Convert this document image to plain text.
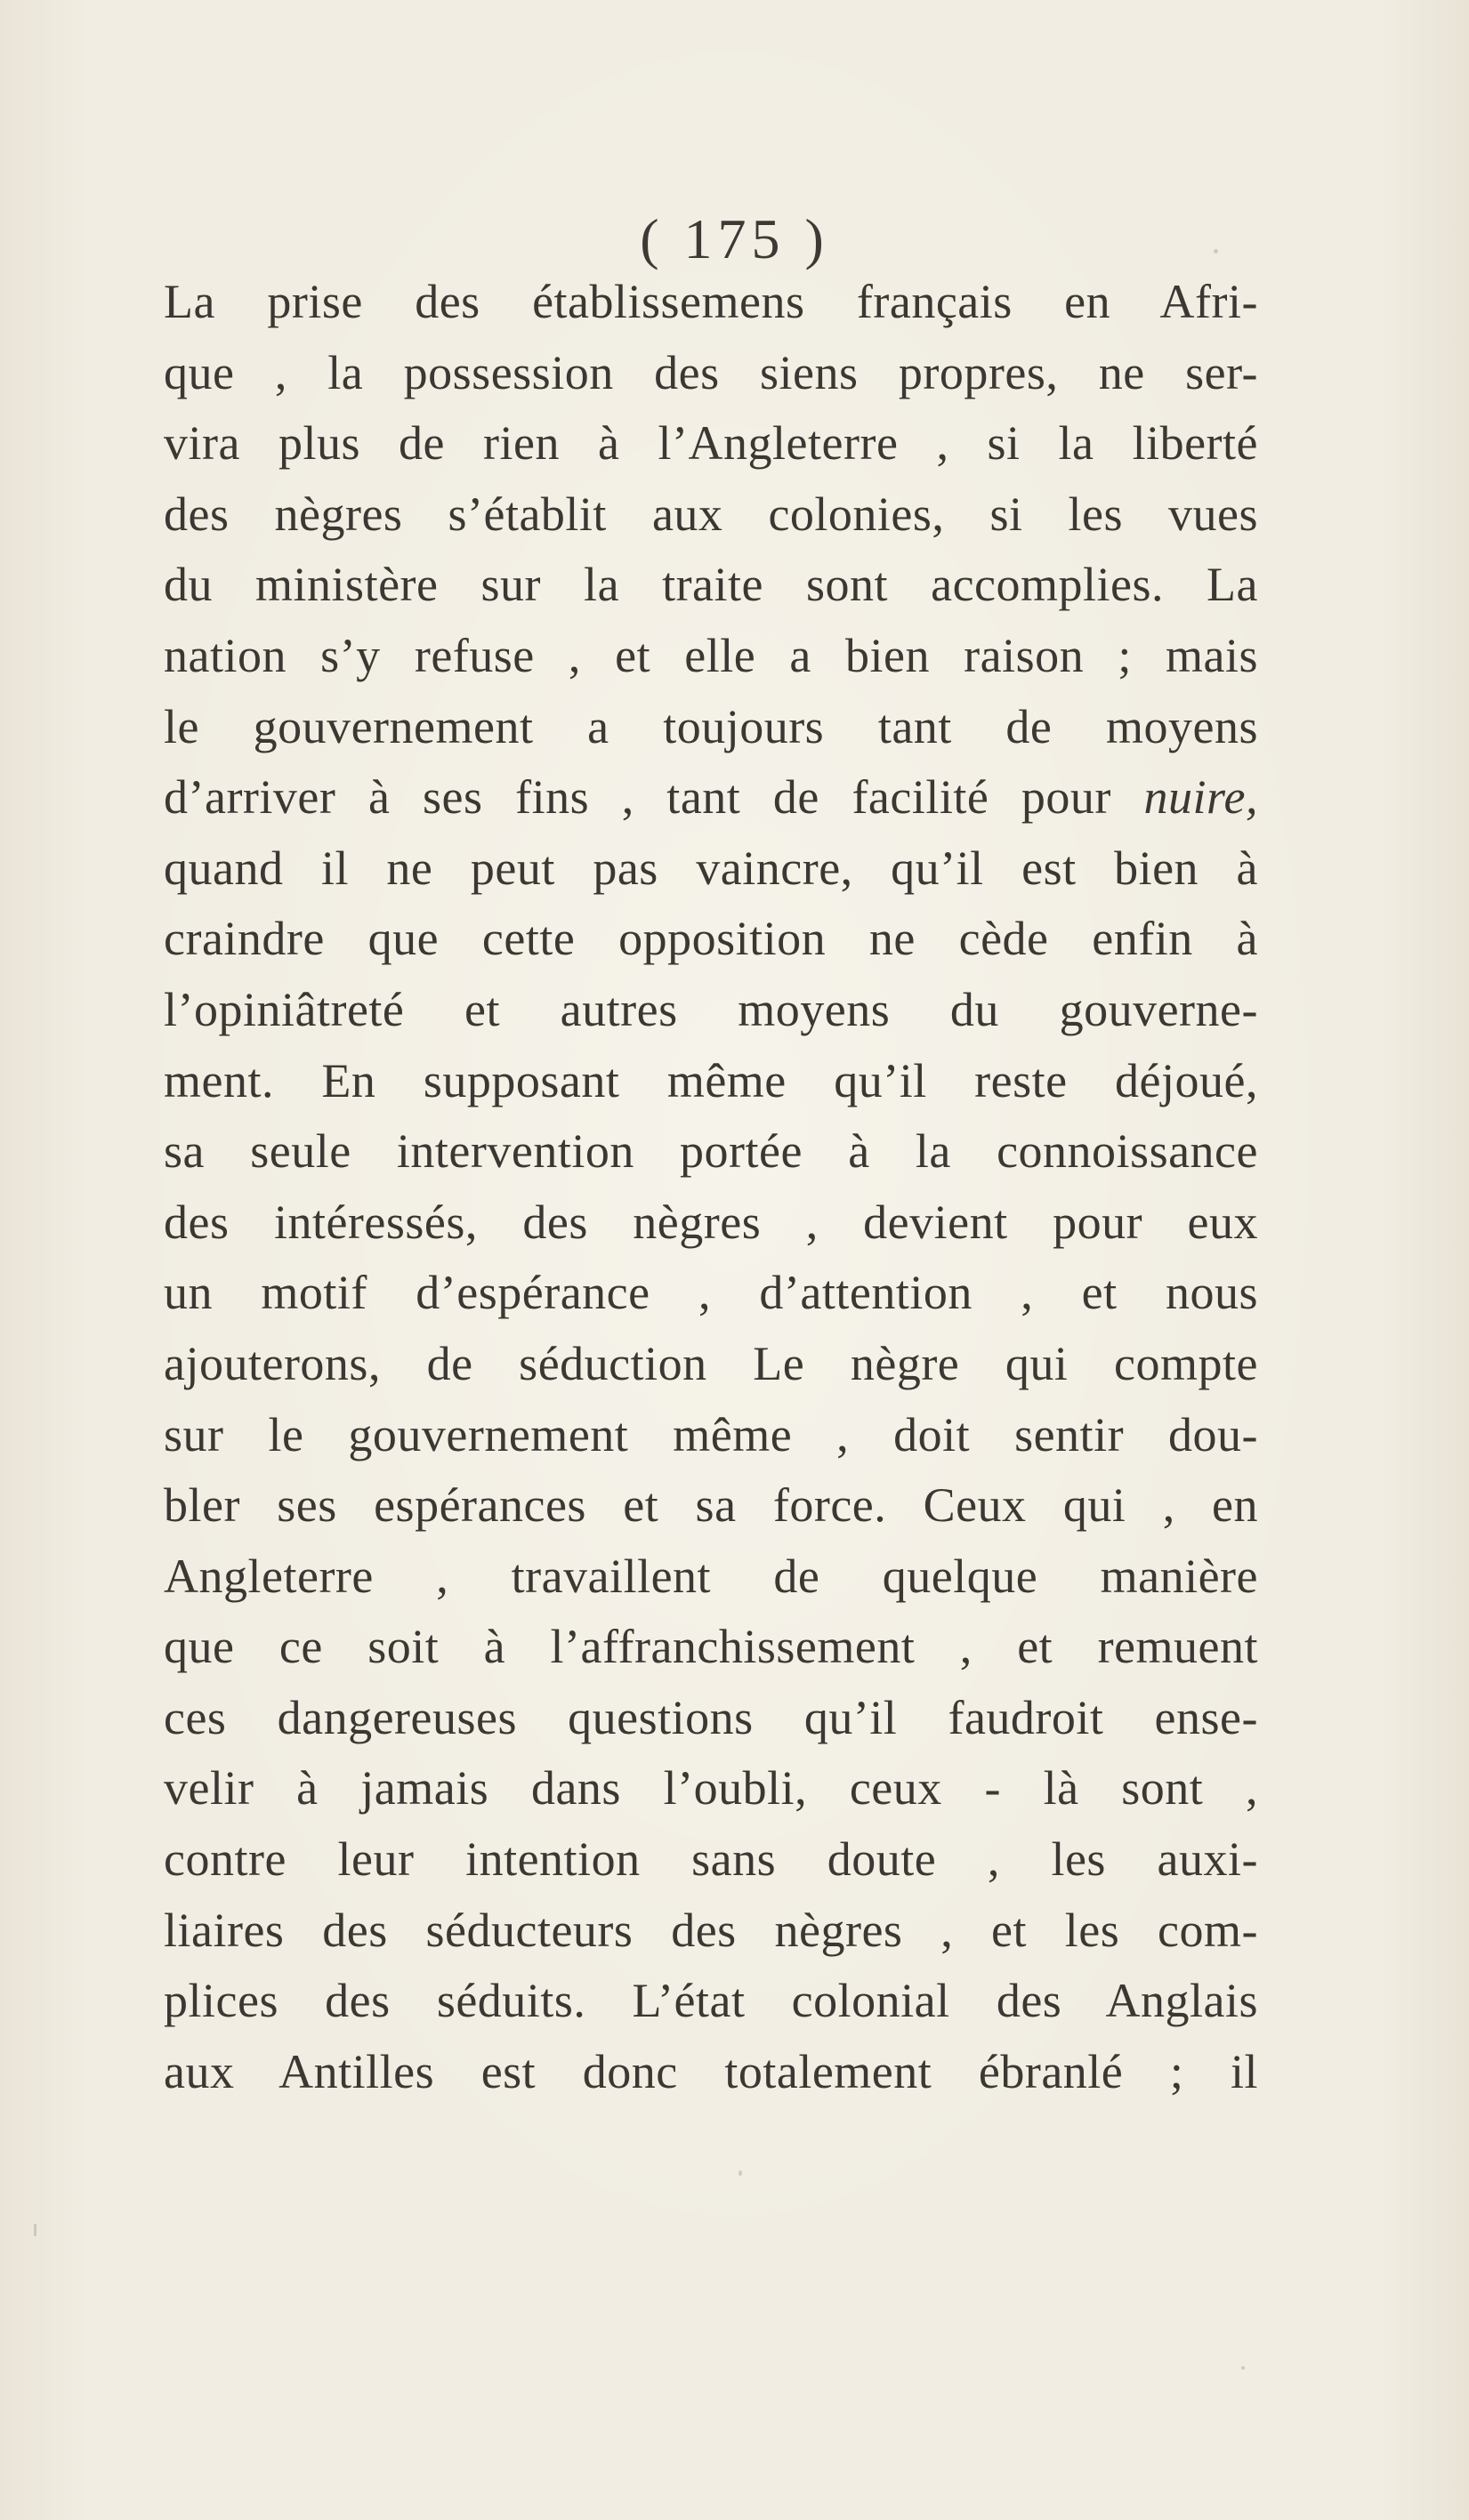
( 175 )
La prise des établissemens français en Afri-
que , la possession des siens propres, ne ser-
vira plus de rien à l’Angleterre , si la liberté
des nègres s’établit aux colonies, si les vues
du ministère sur la traite sont accomplies. La
nation s’y refuse , et elle a bien raison ; mais
le gouvernement a toujours tant de moyens
d’arriver à ses fins , tant de facilité pour nuire,
quand il ne peut pas vaincre, qu’il est bien à
craindre que cette opposition ne cède enfin à
l’opiniâtreté et autres moyens du gouverne-
ment. En supposant même qu’il reste déjoué,
sa seule intervention portée à la connoissance
des intéressés, des nègres , devient pour eux
un motif d’espérance , d’attention , et nous
ajouterons, de séduction Le nègre qui compte
sur le gouvernement même , doit sentir dou-
bler ses espérances et sa force. Ceux qui , en
Angleterre , travaillent de quelque manière
que ce soit à l’affranchissement , et remuent
ces dangereuses questions qu’il faudroit ense-
velir à jamais dans l’oubli, ceux - là sont ,
contre leur intention sans doute , les auxi-
liaires des séducteurs des nègres , et les com-
plices des séduits. L’état colonial des Anglais
aux Antilles est donc totalement ébranlé ; il
